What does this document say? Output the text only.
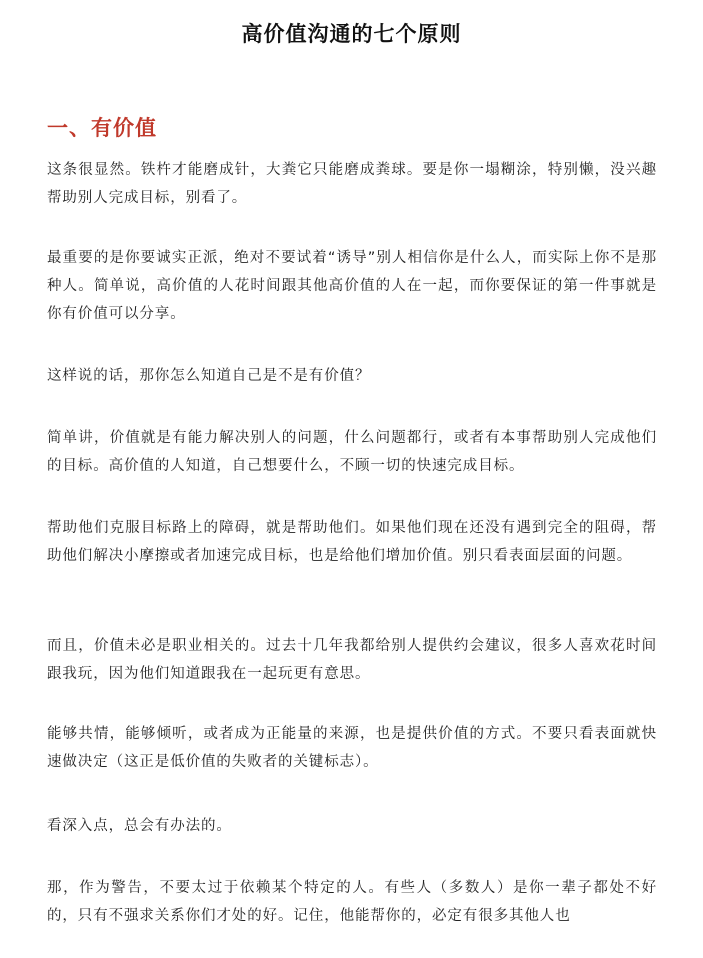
高价值沟通的七个原则
一、有价值

这条很显然。铁杵才能磨成针，大粪它只能磨成粪球。要是你一塌糊涂，特别懒，没兴趣帮助别人完成目标，别看了。

最重要的是你要诚实正派，绝对不要试着“诱导”别人相信你是什么人，而实际上你不是那种人。简单说，高价值的人花时间跟其他高价值的人在一起，而你要保证的第一件事就是你有价值可以分享。

这样说的话，那你怎么知道自己是不是有价值？

简单讲，价值就是有能力解决别人的问题，什么问题都行，或者有本事帮助别人完成他们的目标。高价值的人知道，自己想要什么，不顾一切的快速完成目标。

帮助他们克服目标路上的障碍，就是帮助他们。如果他们现在还没有遇到完全的阻碍，帮助他们解决小摩擦或者加速完成目标，也是给他们增加价值。别只看表面层面的问题。

而且，价值未必是职业相关的。过去十几年我都给别人提供约会建议，很多人喜欢花时间跟我玩，因为他们知道跟我在一起玩更有意思。

能够共情，能够倾听，或者成为正能量的来源，也是提供价值的方式。不要只看表面就快速做决定（这正是低价值的失败者的关键标志）。

看深入点，总会有办法的。

那，作为警告，不要太过于依赖某个特定的人。有些人（多数人）是你一辈子都处不好的，只有不强求关系你们才处的好。记住，他能帮你的，必定有很多其他人也
